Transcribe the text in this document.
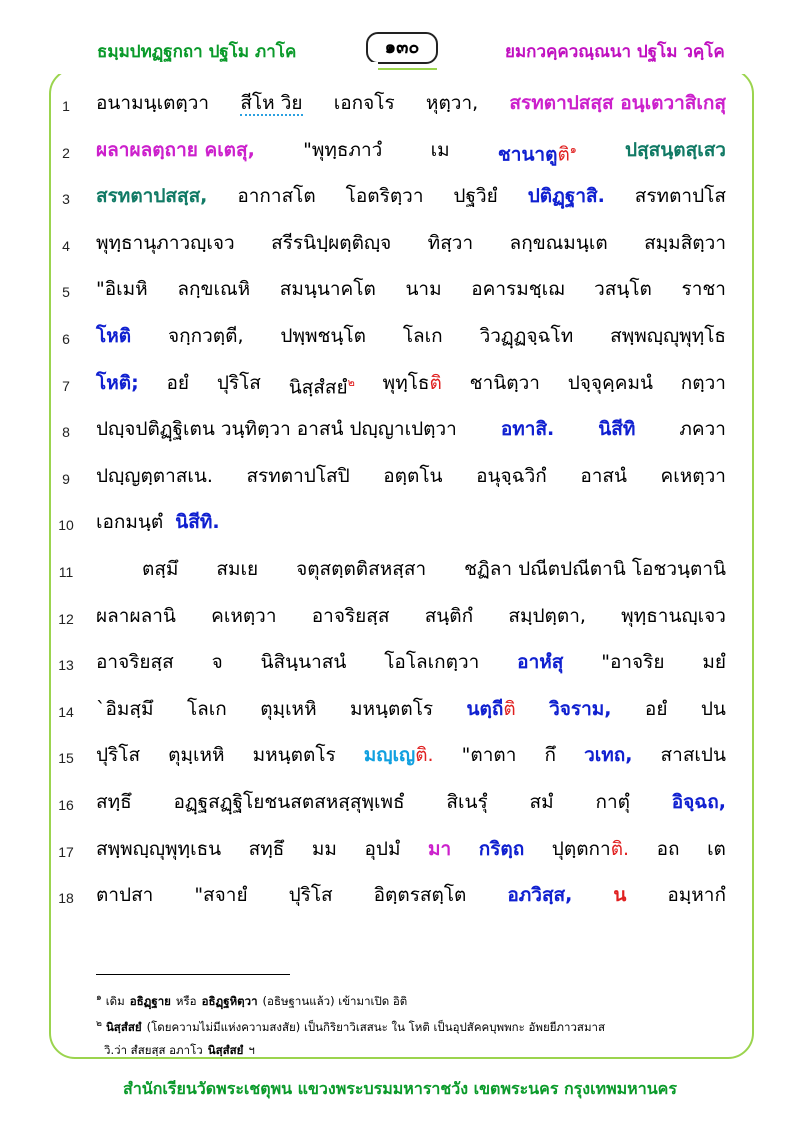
ธมฺมปทฏฺฐกถา ปฐโม ภาโค	๑๓๐	ยมกวคฺควณฺณนา ปฐโม วคฺโค
1	อนามนฺเตตฺวา สีโห วิย เอกจโร หุตฺวา, สรทตาปสสฺส อนฺเตวาสิเกสุ
2	ผลาผลตฺถาย คเตสุ,	"พุทฺธภาวํ	เม	ชานาตูติ$^๑$	ปสฺสนฺตสฺเสว
3	สรทตาปสสฺส, อากาสโต โอตริตฺวา ปฐวิยํ ปติฏฺฐาสิ. สรทตาปโส
4	พุทฺธานุภาวญฺเจว สรีรนิปฺผตฺติญฺจ ทิสฺวา ลกฺขณมนฺเต สมฺมสิตฺวา
5	"อิเมหิ ลกฺขเณหิ สมนฺนาคโต นาม อคารมชฺเฌ วสนฺโต ราชา
6	โหติ จกฺกวตฺตี, ปพฺพชนฺโต โลเก วิวฏฺฏจฺฉโท สพฺพญฺญุพุทฺโธ
7	โหติ; อยํ ปุริโส นิสฺสํสยํ$^๒$ พุทฺโธติ ชานิตฺวา ปจฺจุคฺคมนํ กตฺวา
8	ปญฺจปติฏฺฐิเตน วนฺทิตฺวา อาสนํ ปญฺญาเปตฺวา อทาสิ. นิสีทิ ภควา
9	ปญฺญตฺตาสเน. สรทตาปโสปิ อตฺตโน อนุจฺฉวิกํ อาสนํ คเหตฺวา
10	เอกมนฺตํ นิสีทิ.
11	ตสฺมึ สมเย จตุสตฺตติสหสฺสา ชฏิลา ปณีตปณีตานิ โอชวนฺตานิ
12	ผลาผลานิ คเหตฺวา อาจริยสฺส สนฺติกํ สมฺปตฺตา, พุทฺธานญฺเจว
13	อาจริยสฺส จ นิสินฺนาสนํ โอโลเกตฺวา อาหํสุ "อาจริย มยํ
14	`อิมสฺมึ โลเก ตุมฺเหหิ มหนฺตตโร นตฺถีติ วิจราม, อยํ ปน
15	ปุริโส ตุมฺเหหิ มหนฺตตโร มญฺเญติ. "ตาตา กึ วเทถ, สาสเปน
16	สทฺธึ อฏฺฐสฏฺฐิโยชนสตสหสฺสุพฺเพธํ สิเนรุํ สมํ กาตุํ อิจฺฉถ,
17	สพฺพญฺญุพุทฺเธน สทฺธึ มม อุปมํ มา กริตฺถ ปุตฺตกาติ. อถ เต
18	ตาปสา "สจายํ ปุริโส อิตฺตรสตฺโต อภวิสฺส, น อมฺหากํ
$^๑$ เดิม อธิฏฺฐาย หรือ อธิฏฺฐหิตฺวา (อธิษฐานแล้ว) เข้ามาเปิด อิติ
$^๒$ นิสฺสํสยํ (โดยความไม่มีแห่งความสงสัย) เป็นกิริยาวิเสสนะ ใน โหติ เป็นอุปสัคคบุพพกะ อัพยยีภาวสมาส
วิ.ว่า สํสยสฺส อภาโว นิสฺสํสยํ ฯ
สำนักเรียนวัดพระเชตุพน แขวงพระบรมมหาราชวัง เขตพระนคร กรุงเทพมหานคร
